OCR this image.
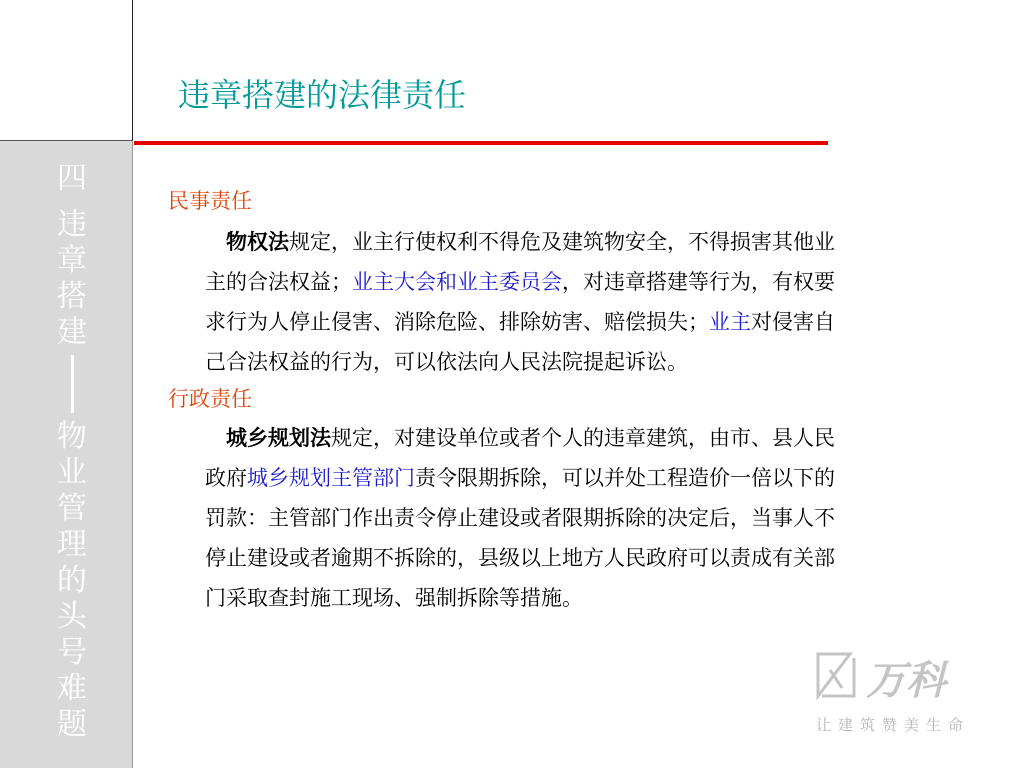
四
违
章
搭
建
物
业
管
理
的
头
号
难
题
违章搭建的法律责任
民事责任
　物权法规定，业主行使权利不得危及建筑物安全，不得损害其他业
主的合法权益；业主大会和业主委员会，对违章搭建等行为，有权要
求行为人停止侵害、消除危险、排除妨害、赔偿损失；业主对侵害自
己合法权益的行为，可以依法向人民法院提起诉讼。
行政责任
　城乡规划法规定，对建设单位或者个人的违章建筑，由市、县人民
政府城乡规划主管部门责令限期拆除，可以并处工程造价一倍以下的
罚款：主管部门作出责令停止建设或者限期拆除的决定后，当事人不
停止建设或者逾期不拆除的，县级以上地方人民政府可以责成有关部
门采取查封施工现场、强制拆除等措施。
万科
让建筑赞美生命
